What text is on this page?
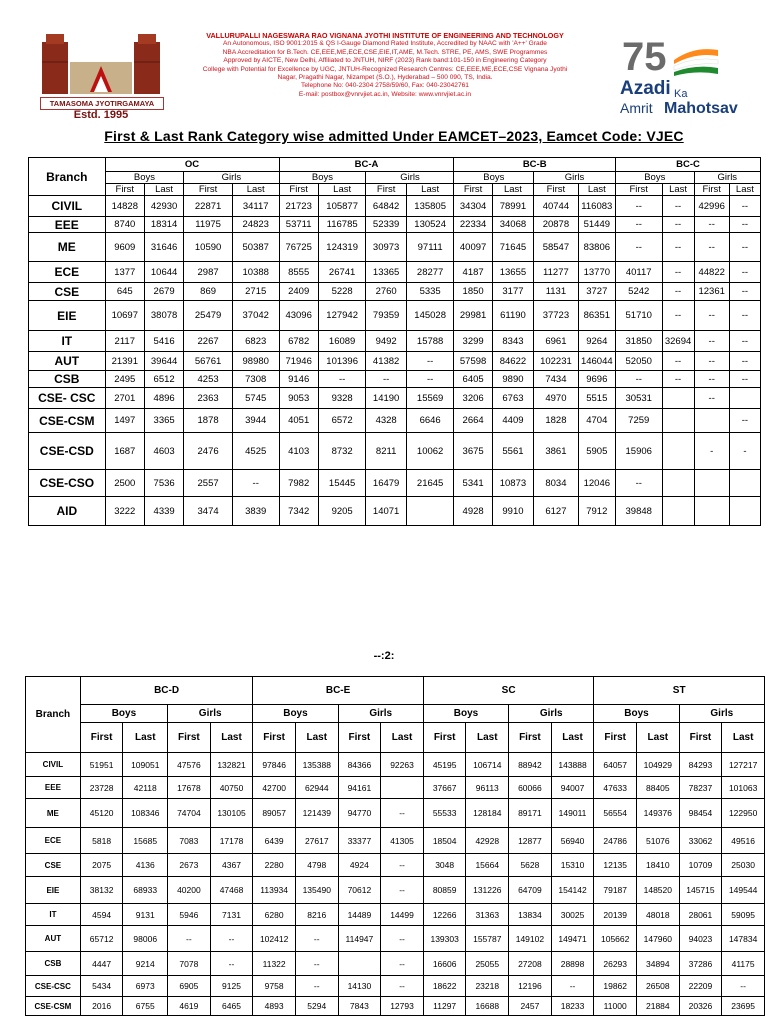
TAMASOMA JYOTIRGAMAYA
Estd. 1995
VALLURUPALLI NAGESWARA RAO VIGNANA JYOTHI INSTITUTE OF ENGINEERING AND TECHNOLOGY
An Autonomous, ISO 9001:2015 & QS I-Gauge Diamond Rated Institute, Accredited by NAAC with 'A++' Grade
NBA Accreditation for B.Tech. CE,EEE,ME,ECE,CSE,EIE,IT,AME, M.Tech. STRE, PE, AMS, SWE Programmes
Approved by AICTE, New Delhi, Affiliated to JNTUH, NIRF (2023) Rank band:101-150 in Engineering Category
College with Potential for Excellence by UGC, JNTUH-Recognized Research Centres: CE,EEE,ME,ECE,CSE Vignana Jyothi
Nagar, Pragathi Nagar, Nizampet (S.O.), Hyderabad – 500 090, TS, India.
Telephone No: 040-2304 2758/59/60, Fax: 040-23042761
E-mail: postbox@vnrvjiet.ac.in, Website: www.vnrvjiet.ac.in
75
Azadi Ka
Amrit Mahotsav
First & Last Rank Category wise admitted Under EAMCET–2023, Eamcet Code: VJEC
Branch	OC				BC-A				BC-B				BC-C			
	Boys		Girls		Boys		Girls		Boys		Girls		Boys		Girls	
	First	Last	First	Last	First	Last	First	Last	First	Last	First	Last	First	Last	First	Last
CIVIL	14828	42930	22871	34117	21723	105877	64842	135805	34304	78991	40744	116083	--	--	42996	--
EEE	8740	18314	11975	24823	53711	116785	52339	130524	22334	34068	20878	51449	--	--	--	--
ME	9609	31646	10590	50387	76725	124319	30973	97111	40097	71645	58547	83806	--	--	--	--
ECE	1377	10644	2987	10388	8555	26741	13365	28277	4187	13655	11277	13770	40117	--	44822	--
CSE	645	2679	869	2715	2409	5228	2760	5335	1850	3177	1131	3727	5242	--	12361	--
EIE	10697	38078	25479	37042	43096	127942	79359	145028	29981	61190	37723	86351	51710	--	--	--
IT	2117	5416	2267	6823	6782	16089	9492	15788	3299	8343	6961	9264	31850	32694	--	--
AUT	21391	39644	56761	98980	71946	101396	41382	--	57598	84622	102231	146044	52050	--	--	--
CSB	2495	6512	4253	7308	9146	--	--	--	6405	9890	7434	9696	--	--	--	--
CSE- CSC	2701	4896	2363	5745	9053	9328	14190	15569	3206	6763	4970	5515	30531		--	
CSE-CSM	1497	3365	1878	3944	4051	6572	4328	6646	2664	4409	1828	4704	7259			--
CSE-CSD	1687	4603	2476	4525	4103	8732	8211	10062	3675	5561	3861	5905	15906		-	-
CSE-CSO	2500	7536	2557	--	7982	15445	16479	21645	5341	10873	8034	12046	--			
AID	3222	4339	3474	3839	7342	9205	14071		4928	9910	6127	7912	39848			
--:2:
Branch	BC-D				BC-E				SC				ST			
	Boys		Girls		Boys		Girls		Boys		Girls		Boys		Girls	
	First	Last	First	Last	First	Last	First	Last	First	Last	First	Last	First	Last	First	Last
CIVIL	51951	109051	47576	132821	97846	135388	84366	92263	45195	106714	88942	143888	64057	104929	84293	127217
EEE	23728	42118	17678	40750	42700	62944	94161		37667	96113	60066	94007	47633	88405	78237	101063
ME	45120	108346	74704	130105	89057	121439	94770	--	55533	128184	89171	149011	56554	149376	98454	122950
ECE	5818	15685	7083	17178	6439	27617	33377	41305	18504	42928	12877	56940	24786	51076	33062	49516
CSE	2075	4136	2673	4367	2280	4798	4924	--	3048	15664	5628	15310	12135	18410	10709	25030
EIE	38132	68933	40200	47468	113934	135490	70612	--	80859	131226	64709	154142	79187	148520	145715	149544
IT	4594	9131	5946	7131	6280	8216	14489	14499	12266	31363	13834	30025	20139	48018	28061	59095
AUT	65712	98006	--	--	102412	--	114947	--	139303	155787	149102	149471	105662	147960	94023	147834
CSB	4447	9214	7078	--	11322	--		--	16606	25055	27208	28898	26293	34894	37286	41175
CSE-CSC	5434	6973	6905	9125	9758	--	14130	--	18622	23218	12196	--	19862	26508	22209	--
CSE-CSM	2016	6755	4619	6465	4893	5294	7843	12793	11297	16688	2457	18233	11000	21884	20326	23695
